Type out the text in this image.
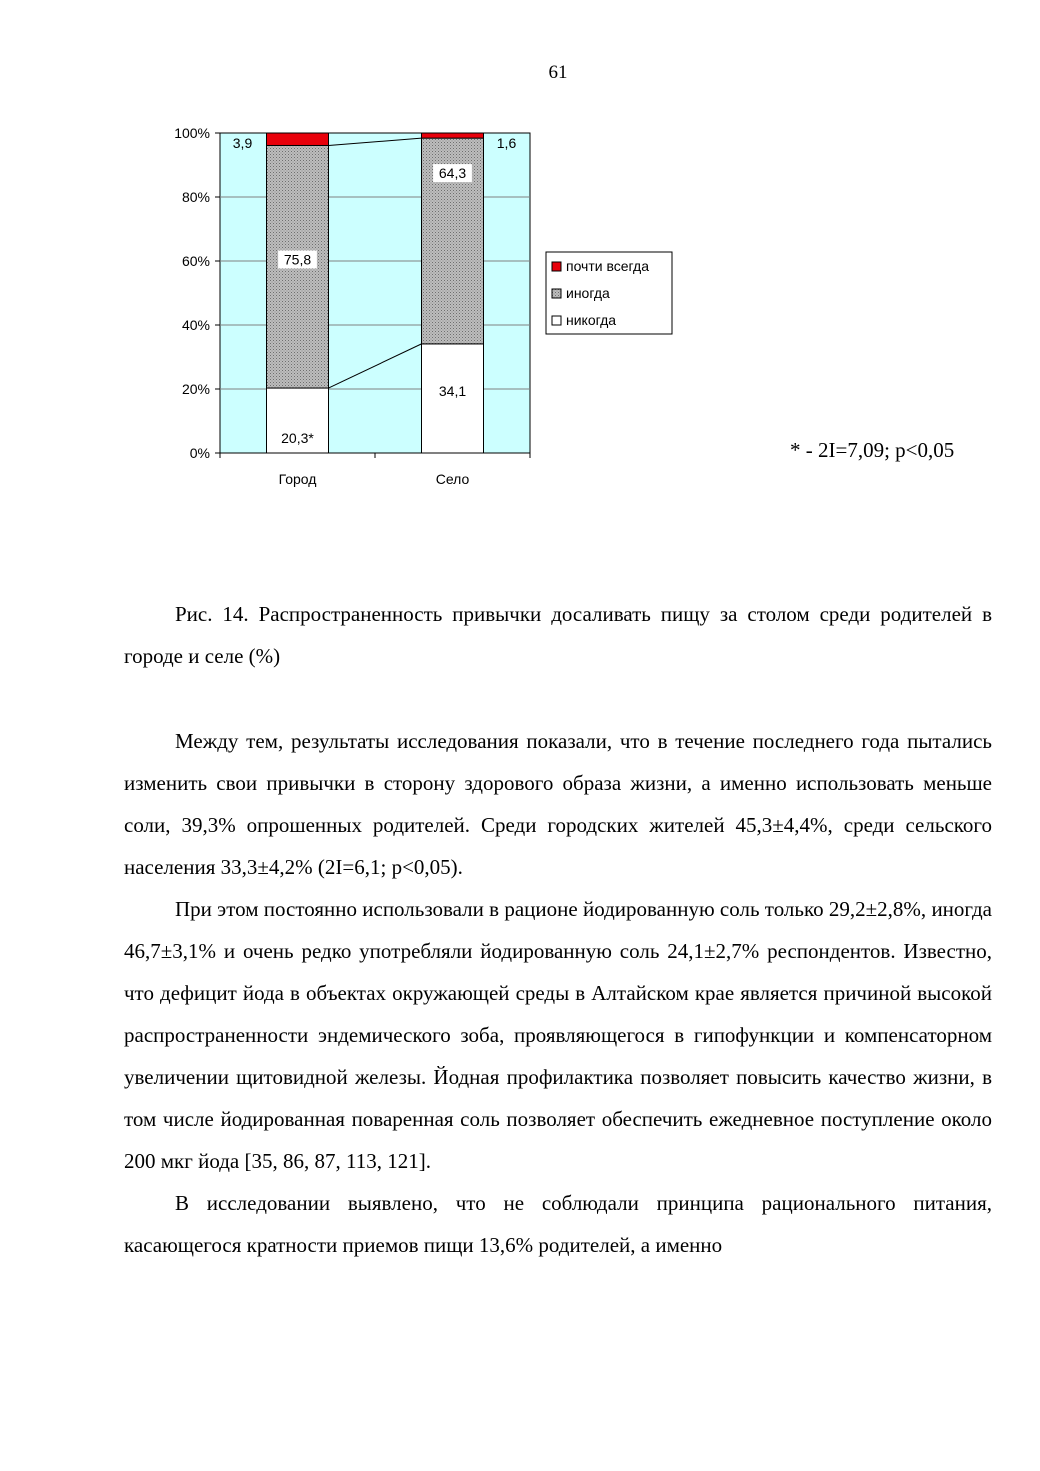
61
0%
20%
40%
60%
80%
100%
20,3*
75,8
3,9
Город
34,1
64,3
1,6
Село
почти всегда
иногда
никогда
* - 2I=7,09; p<0,05
Рис. 14. Распространенность привычки досаливать пищу за столом среди родителей в городе и селе (%)

Между тем, результаты исследования показали, что в течение последнего года пытались изменить свои привычки в сторону здорового образа жизни, а именно использовать меньше соли, 39,3% опрошенных родителей. Среди городских жителей 45,3±4,4%, среди сельского населения 33,3±4,2% (2I=6,1; p<0,05).

При этом постоянно использовали в рационе йодированную соль только 29,2±2,8%, иногда 46,7±3,1% и очень редко употребляли йодированную соль 24,1±2,7% респондентов. Известно, что дефицит йода в объектах окружающей среды в Алтайском крае является причиной высокой распространенности эндемического зоба, проявляющегося в гипофункции и компенсаторном увеличении щитовидной железы. Йодная профилактика позволяет повысить качество жизни, в том числе йодированная поваренная соль позволяет обеспечить ежедневное поступление около 200 мкг йода [35, 86, 87, 113, 121].

В исследовании выявлено, что не соблюдали принципа рационального питания, касающегося кратности приемов пищи 13,6% родителей, а именно
